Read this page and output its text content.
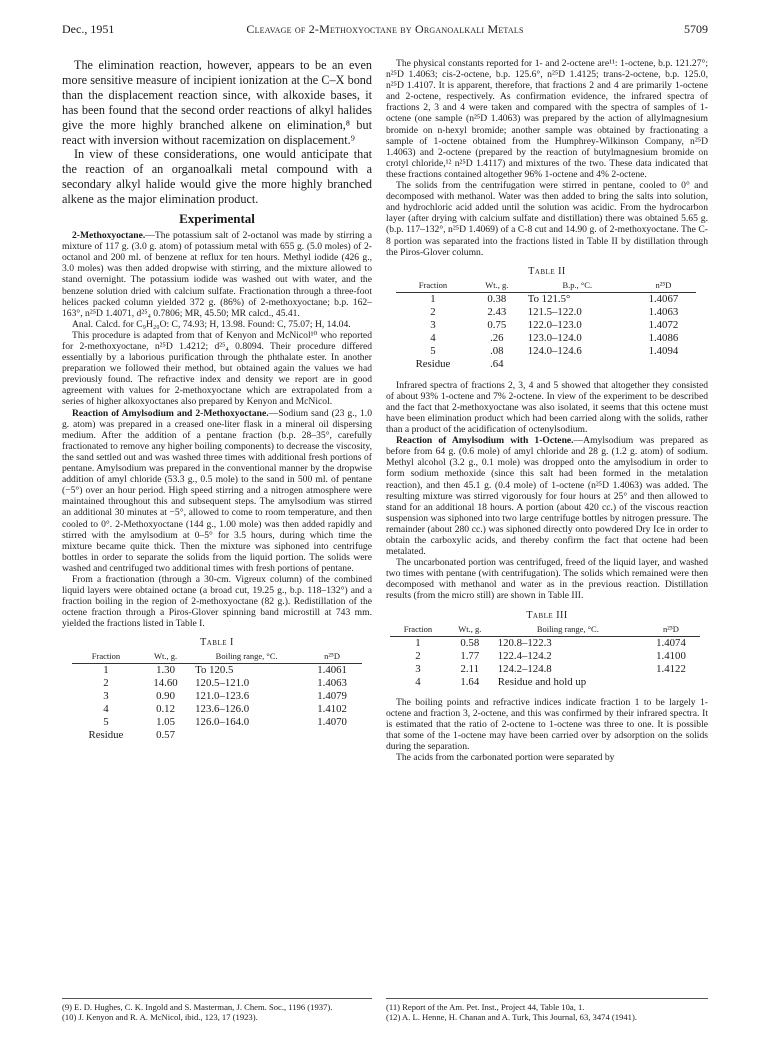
Dec., 1951	Cleavage of 2-Methoxyoctane by Organoalkali Metals	5709

The elimination reaction, however, appears to be an even more sensitive measure of incipient ionization at the C–X bond than the displacement reaction since, with alkoxide bases, it has been found that the second order reactions of alkyl halides give the more highly branched alkene on elimination,⁸ but react with inversion without racemization on displacement.⁹

In view of these considerations, one would anticipate that the reaction of an organoalkali metal compound with a secondary alkyl halide would give the more highly branched alkene as the major elimination product.

Experimental

2-Methoxyoctane.—The potassium salt of 2-octanol was made by stirring a mixture of 117 g. (3.0 g. atom) of potassium metal with 655 g. (5.0 moles) of 2-octanol and 200 ml. of benzene at reflux for ten hours. Methyl iodide (426 g., 3.0 moles) was then added dropwise with stirring, and the mixture allowed to stand overnight. The potassium iodide was washed out with water, and the benzene solution dried with calcium sulfate. Fractionation through a three-foot helices packed column yielded 372 g. (86%) of 2-methoxyoctane; b.p. 162–163°, n²⁵D 1.4071, d²⁵₄ 0.7806; MR, 45.50; MR calcd., 45.41.

Anal. Calcd. for C₉H₂₀O: C, 74.93; H, 13.98. Found: C, 75.07; H, 14.04.

This procedure is adapted from that of Kenyon and McNicol¹⁰ who reported for 2-methoxyoctane, n²⁵D 1.4212; d²⁵₄ 0.8094. Their procedure differed essentially by a laborious purification through the phthalate ester. In another preparation we followed their method, but obtained again the values we had previously found. The refractive index and density we report are in good agreement with values for 2-methoxyoctane which are extrapolated from a series of higher alkoxyoctanes also prepared by Kenyon and McNicol.

Reaction of Amylsodium and 2-Methoxyoctane.—Sodium sand (23 g., 1.0 g. atom) was prepared in a creased one-liter flask in a mineral oil dispersing medium. After the addition of a pentane fraction (b.p. 28–35°, carefully fractionated to remove any higher boiling components) to decrease the viscosity, the sand settled out and was washed three times with additional fresh portions of pentane. Amylsodium was prepared in the conventional manner by the dropwise addition of amyl chloride (53.3 g., 0.5 mole) to the sand in 500 ml. of pentane (−5°) over an hour period. High speed stirring and a nitrogen atmosphere were maintained throughout this and subsequent steps. The amylsodium was stirred an additional 30 minutes at −5°, allowed to come to room temperature, and then cooled to 0°. 2-Methoxyoctane (144 g., 1.00 mole) was then added rapidly and stirred with the amylsodium at 0–5° for 3.5 hours, during which time the mixture became quite thick. Then the mixture was siphoned into centrifuge bottles in order to separate the solids from the liquid portion. The solids were washed and centrifuged two additional times with fresh portions of pentane.

From a fractionation (through a 30-cm. Vigreux column) of the combined liquid layers were obtained octane (a broad cut, 19.25 g., b.p. 118–132°) and a fraction boiling in the region of 2-methoxyoctane (82 g.). Redistillation of the octene fraction through a Piros-Glover spinning band microstill at 743 mm. yielded the fractions listed in Table I.

Table I
Fraction	Wt., g.	Boiling range, °C.	n²⁵D
1	1.30	To 120.5	1.4061
2	14.60	120.5–121.0	1.4063
3	0.90	121.0–123.6	1.4079
4	0.12	123.6–126.0	1.4102
5	1.05	126.0–164.0	1.4070
Residue	0.57		

The physical constants reported for 1- and 2-octene are¹¹: 1-octene, b.p. 121.27°; n²⁵D 1.4063; cis-2-octene, b.p. 125.6°, n²⁵D 1.4125; trans-2-octene, b.p. 125.0, n²⁵D 1.4107. It is apparent, therefore, that fractions 2 and 4 are primarily 1-octene and 2-octene, respectively. As confirmation evidence, the infrared spectra of fractions 2, 3 and 4 were taken and compared with the spectra of samples of 1-octene (one sample (n²⁵D 1.4063) was prepared by the action of allylmagnesium bromide on n-hexyl bromide; another sample was obtained by fractionating a sample of 1-octene obtained from the Humphrey-Wilkinson Company, n²⁵D 1.4063) and 2-octene (prepared by the reaction of butylmagnesium bromide on crotyl chloride,¹² n²⁵D 1.4117) and mixtures of the two. These data indicated that these fractions contained altogether 96% 1-octene and 4% 2-octene.

The solids from the centrifugation were stirred in pentane, cooled to 0° and decomposed with methanol. Water was then added to bring the salts into solution, and hydrochloric acid added until the solution was acidic. From the hydrocarbon layer (after drying with calcium sulfate and distillation) there was obtained 5.65 g. (b.p. 117–132°, n²⁵D 1.4069) of a C-8 cut and 14.90 g. of 2-methoxyoctane. The C-8 portion was separated into the fractions listed in Table II by distillation through the Piros-Glover column.

Table II
Fraction	Wt., g.	B.p., °C.	n²⁵D
1	0.38	To 121.5°	1.4067
2	2.43	121.5–122.0	1.4063
3	0.75	122.0–123.0	1.4072
4	.26	123.0–124.0	1.4086
5	.08	124.0–124.6	1.4094
Residue	.64		

Infrared spectra of fractions 2, 3, 4 and 5 showed that altogether they consisted of about 93% 1-octene and 7% 2-octene. In view of the experiment to be described and the fact that 2-methoxyoctane was also isolated, it seems that this octene must have been elimination product which had been carried along with the solids, rather than a product of the acidification of octenylsodium.

Reaction of Amylsodium with 1-Octene.—Amylsodium was prepared as before from 64 g. (0.6 mole) of amyl chloride and 28 g. (1.2 g. atom) of sodium. Methyl alcohol (3.2 g., 0.1 mole) was dropped onto the amylsodium in order to form sodium methoxide (since this salt had been formed in the metalation reaction), and then 45.1 g. (0.4 mole) of 1-octene (n²⁵D 1.4063) was added. The resulting mixture was stirred vigorously for four hours at 25° and then allowed to stand for an additional 18 hours. A portion (about 420 cc.) of the viscous reaction suspension was siphoned into two large centrifuge bottles by nitrogen pressure. The remainder (about 280 cc.) was siphoned directly onto powdered Dry Ice in order to obtain the carboxylic acids, and thereby confirm the fact that octene had been metalated.

The uncarbonated portion was centrifuged, freed of the liquid layer, and washed two times with pentane (with centrifugation). The solids which remained were then decomposed with methanol and water as in the previous reaction. Distillation results (from the micro still) are shown in Table III.

Table III
Fraction	Wt., g.	Boiling range, °C.	n²⁵D
1	0.58	120.8–122.3	1.4074
2	1.77	122.4–124.2	1.4100
3	2.11	124.2–124.8	1.4122
4	1.64	Residue and hold up	

The boiling points and refractive indices indicate fraction 1 to be largely 1-octene and fraction 3, 2-octene, and this was confirmed by their infrared spectra. It is estimated that the ratio of 2-octene to 1-octene was three to one. It is possible that some of the 1-octene may have been carried over by adsorption on the solids during the separation.

The acids from the carbonated portion were separated by

(9) E. D. Hughes, C. K. Ingold and S. Masterman, J. Chem. Soc., 1196 (1937).
(10) J. Kenyon and R. A. McNicol, ibid., 123, 17 (1923).
(11) Report of the Am. Pet. Inst., Project 44, Table 10a, 1.
(12) A. L. Henne, H. Chanan and A. Turk, This Journal, 63, 3474 (1941).
